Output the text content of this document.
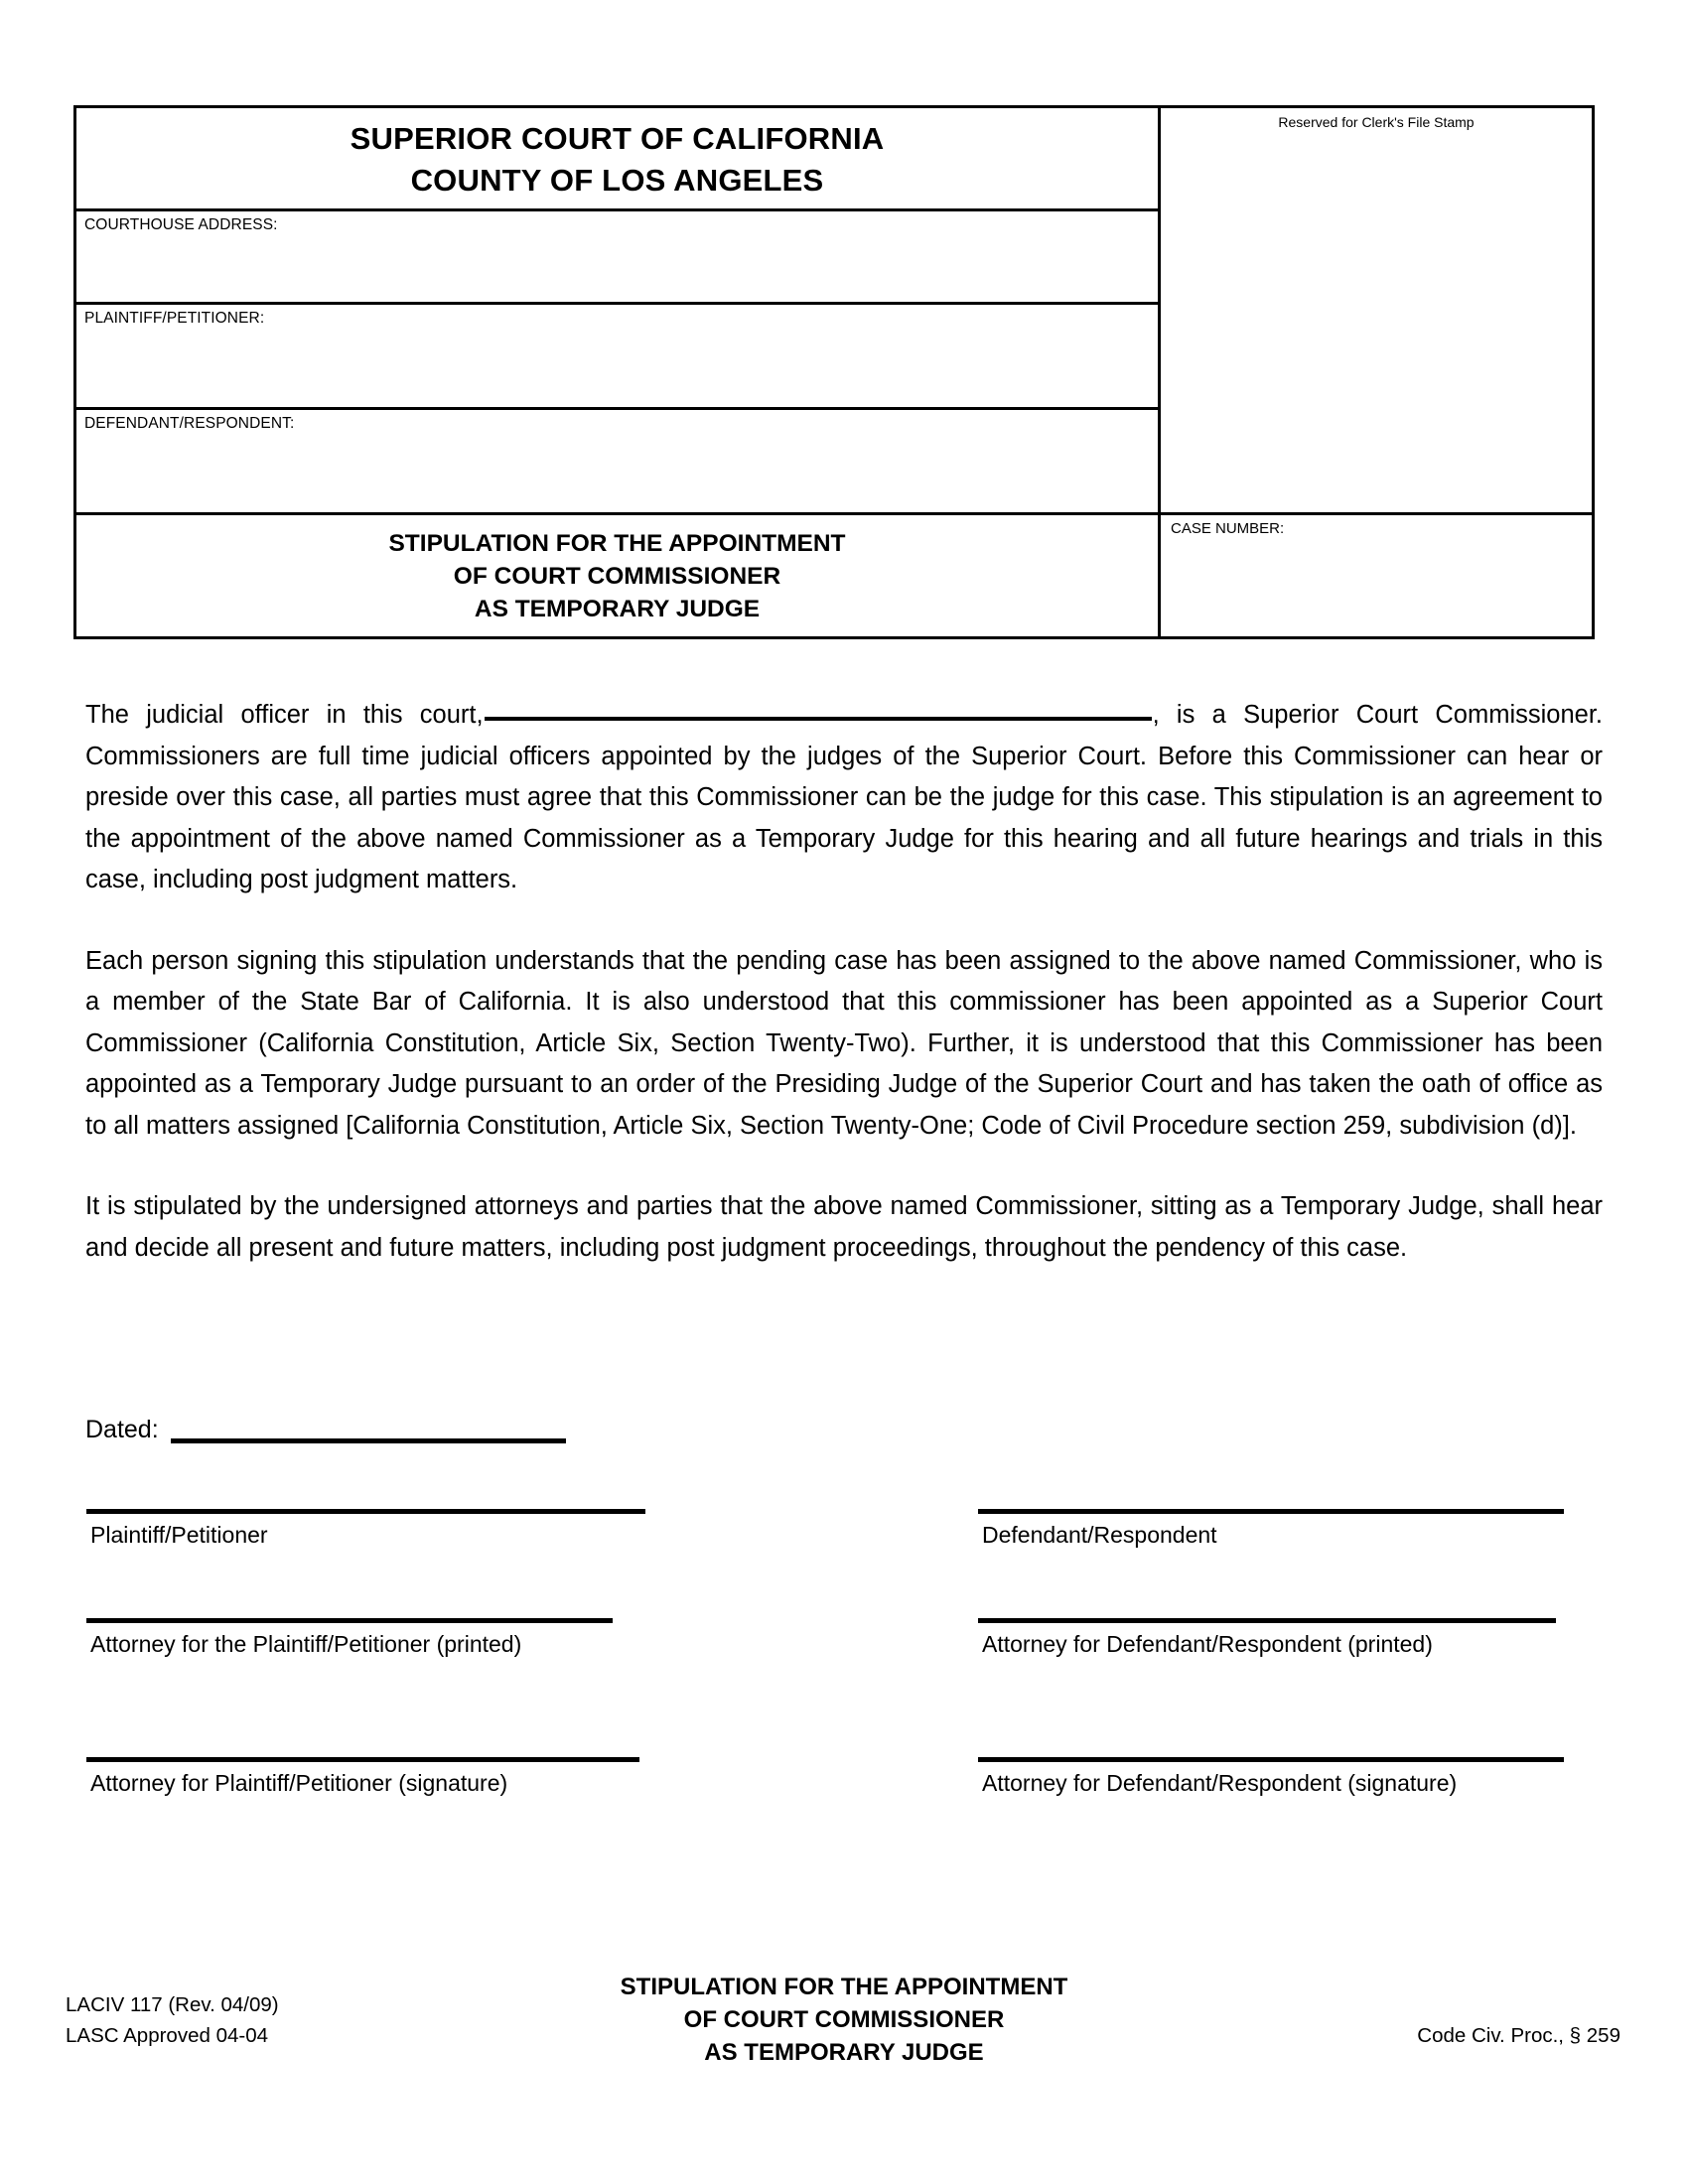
SUPERIOR COURT OF CALIFORNIA
COUNTY OF LOS ANGELES
COURTHOUSE ADDRESS:
PLAINTIFF/PETITIONER:
DEFENDANT/RESPONDENT:
STIPULATION FOR THE APPOINTMENT
OF COURT COMMISSIONER
AS TEMPORARY JUDGE
Reserved for Clerk's File Stamp
CASE NUMBER:

The judicial officer in this court,	, is a Superior Court Commissioner. Commissioners are full time judicial officers appointed by the judges of the Superior Court. Before this Commissioner can hear or preside over this case, all parties must agree that this Commissioner can be the judge for this case. This stipulation is an agreement to the appointment of the above named Commissioner as a Temporary Judge for this hearing and all future hearings and trials in this case, including post judgment matters.

Each person signing this stipulation understands that the pending case has been assigned to the above named Commissioner, who is a member of the State Bar of California. It is also understood that this commissioner has been appointed as a Superior Court Commissioner (California Constitution, Article Six, Section Twenty-Two). Further, it is understood that this Commissioner has been appointed as a Temporary Judge pursuant to an order of the Presiding Judge of the Superior Court and has taken the oath of office as to all matters assigned [California Constitution, Article Six, Section Twenty-One; Code of Civil Procedure section 259, subdivision (d)].

It is stipulated by the undersigned attorneys and parties that the above named Commissioner, sitting as a Temporary Judge, shall hear and decide all present and future matters, including post judgment proceedings, throughout the pendency of this case.

Dated:
Plaintiff/Petitioner	Defendant/Respondent
Attorney for the Plaintiff/Petitioner (printed)	Attorney for Defendant/Respondent (printed)
Attorney for Plaintiff/Petitioner (signature)	Attorney for Defendant/Respondent (signature)
LACIV 117 (Rev. 04/09)
LASC Approved 04-04
STIPULATION FOR THE APPOINTMENT
OF COURT COMMISSIONER
AS TEMPORARY JUDGE
Code Civ. Proc., § 259
